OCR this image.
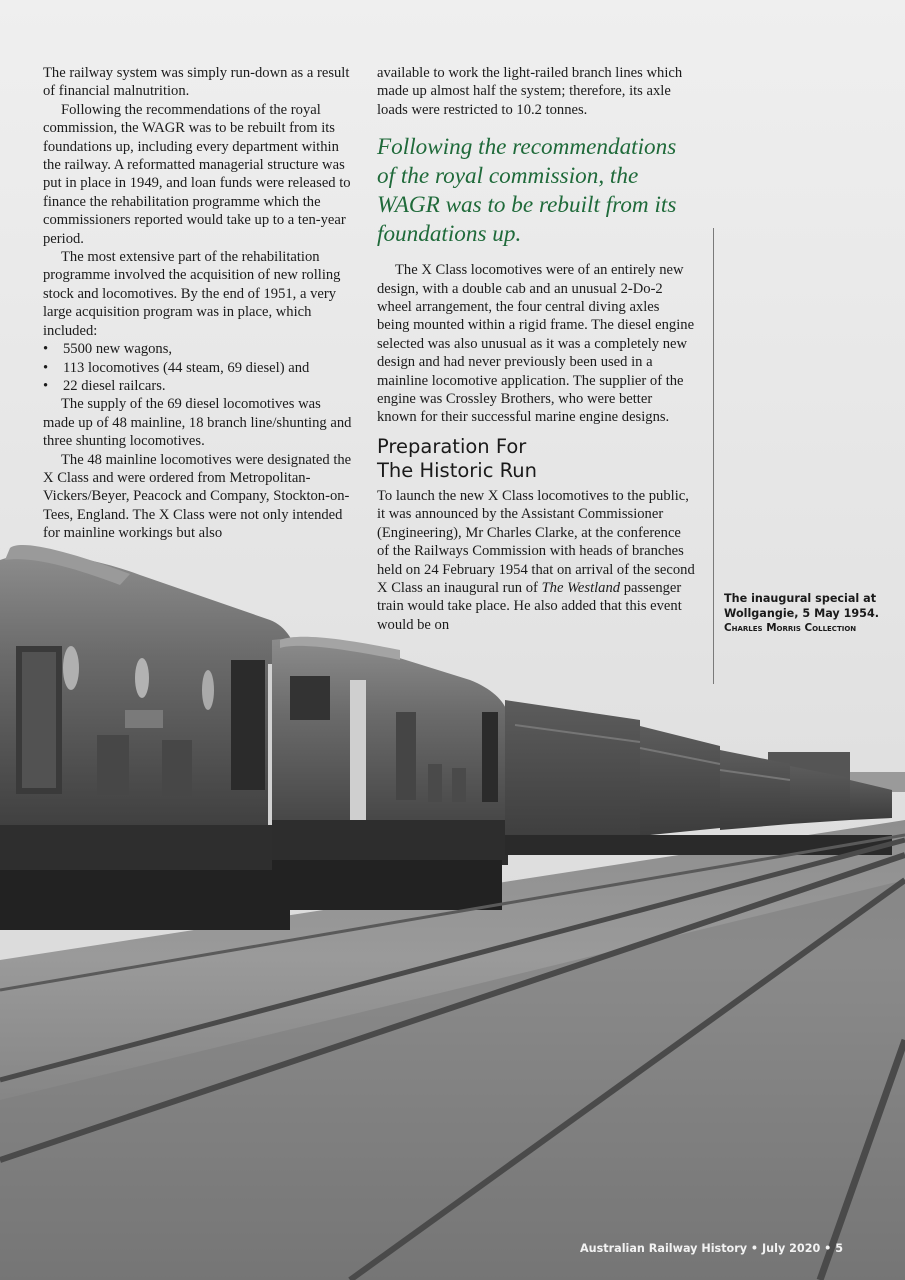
The railway system was simply run-down as a result of financial malnutrition.

Following the recommendations of the royal commission, the WAGR was to be rebuilt from its foundations up, including every department within the railway. A reformatted managerial structure was put in place in 1949, and loan funds were released to finance the rehabilitation programme which the commissioners reported would take up to a ten-year period.

The most extensive part of the rehabilitation programme involved the acquisition of new rolling stock and locomotives. By the end of 1951, a very large acquisition program was in place, which included:

• 5500 new wagons,
• 113 locomotives (44 steam, 69 diesel) and
• 22 diesel railcars.

The supply of the 69 diesel locomotives was made up of 48 mainline, 18 branch line/shunting and three shunting locomotives.

The 48 mainline locomotives were designated the X Class and were ordered from Metropolitan-Vickers/Beyer, Peacock and Company, Stockton-on-Tees, England. The X Class were not only intended for mainline workings but also

available to work the light-railed branch lines which made up almost half the system; therefore, its axle loads were restricted to 10.2 tonnes.

Following the recommendations of the royal commission, the WAGR was to be rebuilt from its foundations up.

The X Class locomotives were of an entirely new design, with a double cab and an unusual 2-Do-2 wheel arrangement, the four central diving axles being mounted within a rigid frame. The diesel engine selected was also unusual as it was a completely new design and had never previously been used in a mainline locomotive application. The supplier of the engine was Crossley Brothers, who were better known for their successful marine engine designs.

Preparation For
The Historic Run

To launch the new X Class locomotives to the public, it was announced by the Assistant Commissioner (Engineering), Mr Charles Clarke, at the conference of the Railways Commission with heads of branches held on 24 February 1954 that on arrival of the second X Class an inaugural run of The Westland passenger train would take place. He also added that this event would be on

The inaugural special at Wollgangie, 5 May 1954. Charles Morris Collection
Australian Railway History • July 2020 • 5
